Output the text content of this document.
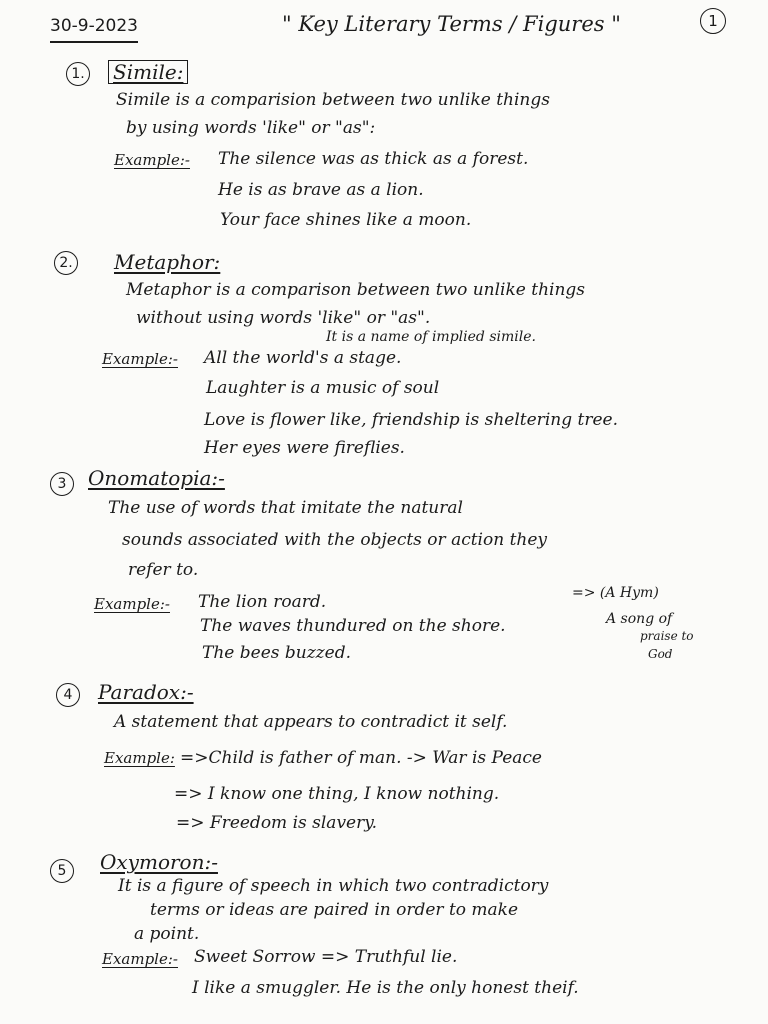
30-9-2023	" Key Literary Terms / Figures "	1
1. Simile:
Simile is a comparision between two unlike things
by using words 'like" or "as":
Example:- The silence was as thick as a forest.
He is as brave as a lion.
Your face shines like a moon.
2. Metaphor:
Metaphor is a comparison between two unlike things
without using words 'like" or "as".
It is a name of implied simile.
Example:- All the world's a stage.
Laughter is a music of soul
Love is flower like, friendship is sheltering tree.
Her eyes were fireflies.
3	Onomatopia:-
The use of words that imitate the natural
sounds associated with the objects or action they
refer to.
Example:- The lion roard.
The waves thundured on the shore.
The bees buzzed.
=> (A Hym)
A song of
praise to
God
4	Paradox:-
A statement that appears to contradict it self.
Example: =>Child is father of man. -> War is Peace
=> I know one thing, I know nothing.
=> Freedom is slavery.
5	Oxymoron:-
It is a figure of speech in which two contradictory
terms or ideas are paired in order to make
a point.
Example:- Sweet Sorrow => Truthful lie.
I like a smuggler. He is the only honest theif.
